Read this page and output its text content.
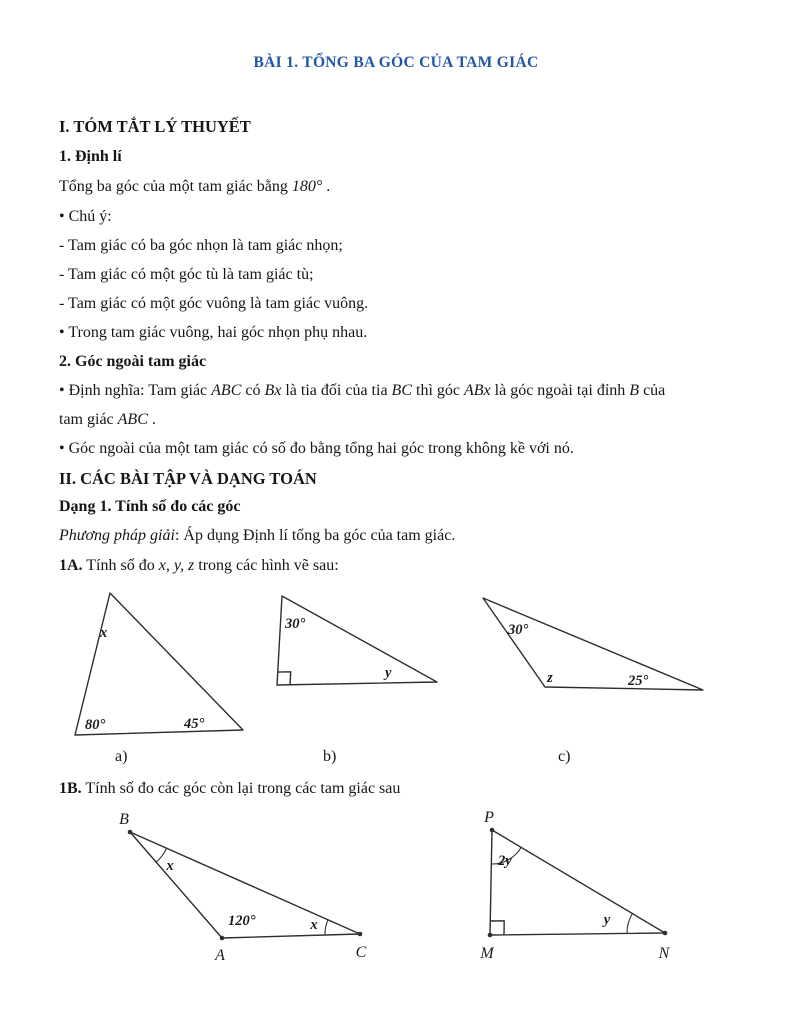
BÀI 1. TỔNG BA GÓC CỦA TAM GIÁC
I. TÓM TẮT LÝ THUYẾT
1. Định lí
Tổng ba góc của một tam giác bằng 180° .
• Chú ý:
- Tam giác có ba góc nhọn là tam giác nhọn;
- Tam giác có một góc tù là tam giác tù;
- Tam giác có một góc vuông là tam giác vuông.
• Trong tam giác vuông, hai góc nhọn phụ nhau.
2. Góc ngoài tam giác
• Định nghĩa: Tam giác ABC có Bx là tia đối của tia BC thì góc ABx là góc ngoài tại đỉnh B của
tam giác ABC .
• Góc ngoài của một tam giác có số đo bằng tổng hai góc trong không kề với nó.
II. CÁC BÀI TẬP VÀ DẠNG TOÁN
Dạng 1. Tính số đo các góc
Phương pháp giải: Áp dụng Định lí tổng ba góc của tam giác.
1A. Tính số đo x, y, z trong các hình vẽ sau:
x
80°	45°
30°
y
30°
z	25°
a)	b)	c)
1B. Tính số đo các góc còn lại trong các tam giác sau
B
A	C
x
120°	x
P
M	N
2y
y
